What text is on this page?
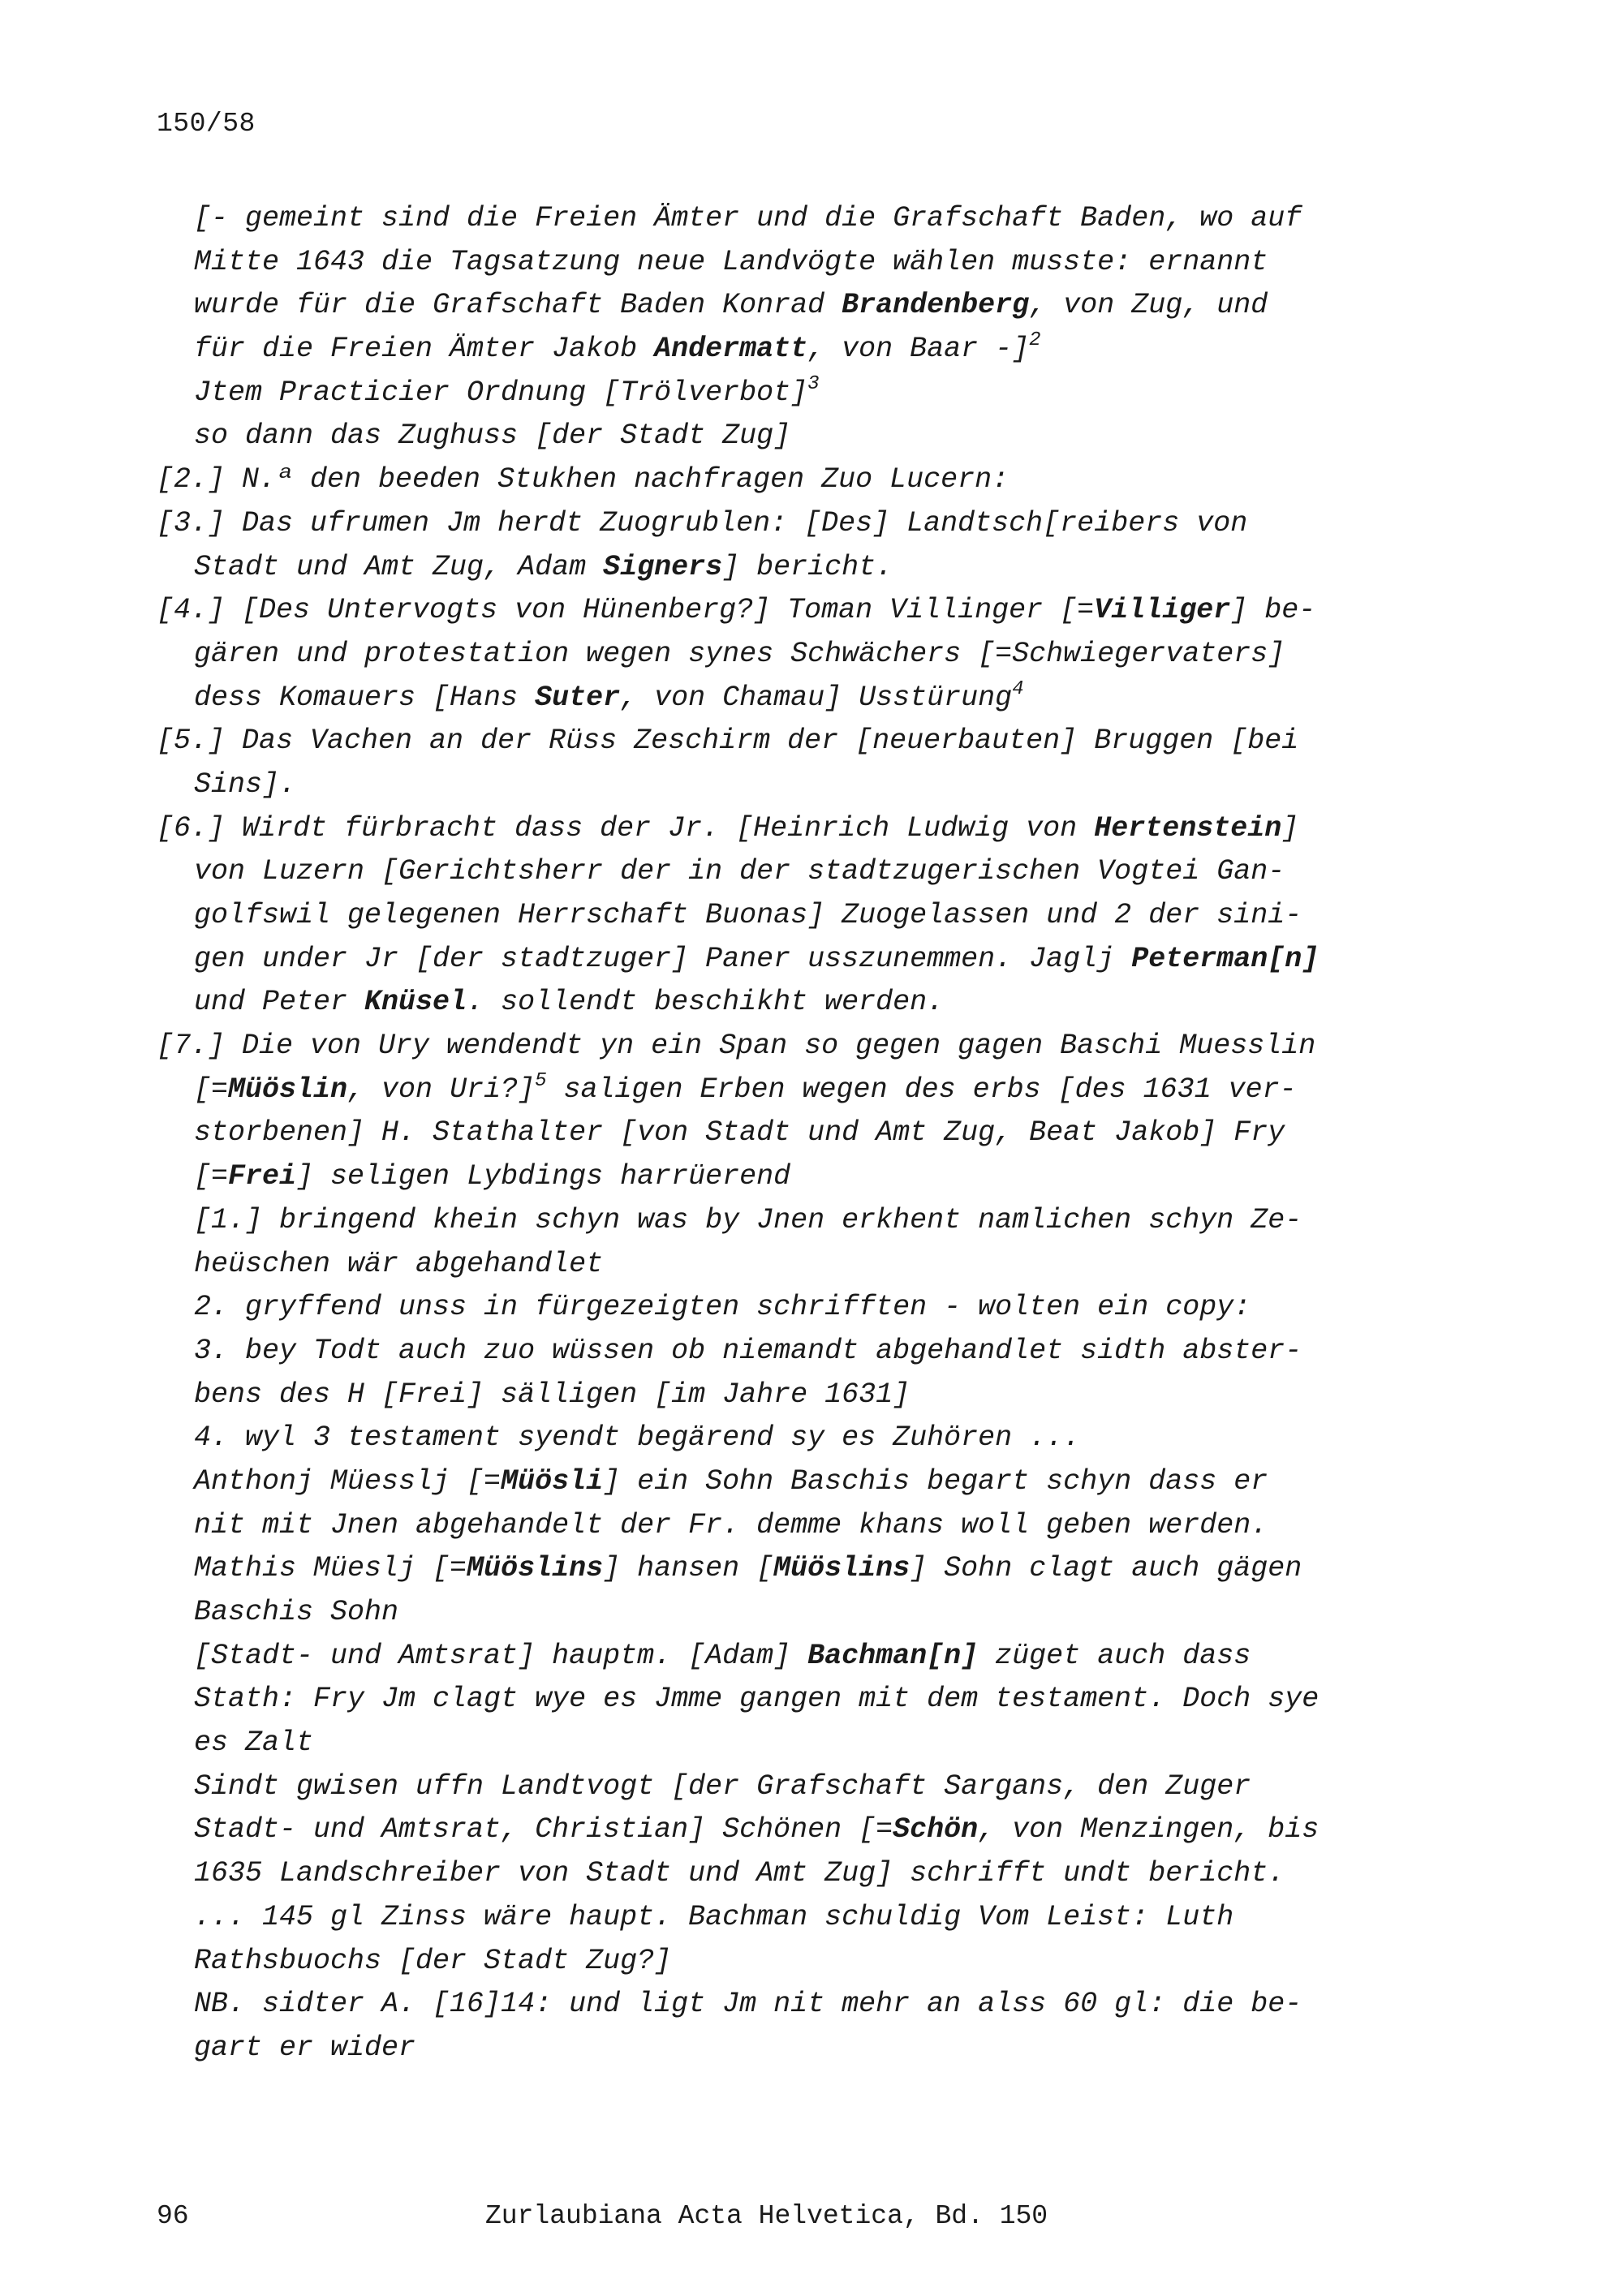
150/58
[- gemeint sind die Freien Ämter und die Grafschaft Baden, wo auf
Mitte 1643 die Tagsatzung neue Landvögte wählen musste: ernannt
wurde für die Grafschaft Baden Konrad Brandenberg, von Zug, und
für die Freien Ämter Jakob Andermatt, von Baar -]$^2$
Jtem Practicier Ordnung [Trölverbot]$^3$
so dann das Zughuss [der Stadt Zug]
[2.] N.ª den beeden Stukhen nachfragen Zuo Lucern:
[3.] Das ufrumen Jm herdt Zuogrublen: [Des] Landtsch[reibers von
Stadt und Amt Zug, Adam Signers] bericht.
[4.] [Des Untervogts von Hünenberg?] Toman Villinger [=Villiger] be-
gären und protestation wegen synes Schwächers [=Schwiegervaters]
dess Komauers [Hans Suter, von Chamau] Usstürung$^4$
[5.] Das Vachen an der Rüss Zeschirm der [neuerbauten] Bruggen [bei
Sins].
[6.] Wirdt fürbracht dass der Jr. [Heinrich Ludwig von Hertenstein]
von Luzern [Gerichtsherr der in der stadtzugerischen Vogtei Gan-
golfswil gelegenen Herrschaft Buonas] Zuogelassen und 2 der sini-
gen under Jr [der stadtzuger] Paner usszunemmen. Jaglj Peterman[n]
und Peter Knüsel. sollendt beschikht werden.
[7.] Die von Ury wendendt yn ein Span so gegen gagen Baschi Muesslin
[=Müöslin, von Uri?]$^5$ saligen Erben wegen des erbs [des 1631 ver-
storbenen] H. Stathalter [von Stadt und Amt Zug, Beat Jakob] Fry
[=Frei] seligen Lybdings harrüerend
[1.] bringend khein schyn was by Jnen erkhent namlichen schyn Ze-
heüschen wär abgehandlet
2. gryffend unss in fürgezeigten schrifften - wolten ein copy:
3. bey Todt auch zuo wüssen ob niemandt abgehandlet sidth abster-
bens des H [Frei] sälligen [im Jahre 1631]
4. wyl 3 testament syendt begärend sy es Zuhören ...
Anthonj Müesslj [=Müösli] ein Sohn Baschis begart schyn dass er
nit mit Jnen abgehandelt der Fr. demme khans woll geben werden.
Mathis Müeslj [=Müöslins] hansen [Müöslins] Sohn clagt auch gägen
Baschis Sohn
[Stadt- und Amtsrat] hauptm. [Adam] Bachman[n] züget auch dass
Stath: Fry Jm clagt wye es Jmme gangen mit dem testament. Doch sye
es Zalt
Sindt gwisen uffn Landtvogt [der Grafschaft Sargans, den Zuger
Stadt- und Amtsrat, Christian] Schönen [=Schön, von Menzingen, bis
1635 Landschreiber von Stadt und Amt Zug] schrifft undt bericht.
... 145 gl Zinss wäre haupt. Bachman schuldig Vom Leist: Luth
Rathsbuochs [der Stadt Zug?]
NB. sidter A. [16]14: und ligt Jm nit mehr an alss 60 gl: die be-
gart er wider
96	Zurlaubiana Acta Helvetica, Bd. 150
